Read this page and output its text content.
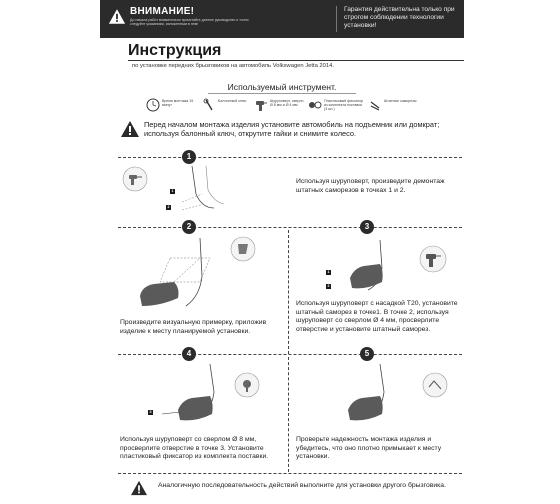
ВНИМАНИЕ!
До начала работ внимательно прочитайте данное руководство и точно следуйте указаниям, изложенным в нем!
Гарантия действительна только при строгом соблюдении технологии установки!
Инструкция
по установке передних брызговиков на автомобиль Volkswagen Jetta 2014.
Используемый инструмент.
Время монтажа 15 минут
Баллонный ключ	Шуруповерт, сверло Ø 8 мм и Ø 4 мм
Пластиковый фиксатор из комплекта поставки (3 шт.)
Штатные саморезы
Перед началом монтажа изделия установите автомобиль на подъемник или домкрат; используя балонный ключ, открутите гайки и снимите колесо.
1
1
2
Используя шуруповерт, произведите демонтаж штатных саморезов в точках 1 и 2.
2
Произведите визуальную примерку, приложив изделие к месту планируемой установки.
3
1
2
Используя шуруповерт с насадкой Т20, установите штатный саморез в точке1. В точке 2, используя шуруповерт со сверлом Ø 4 мм, просверлите отверстие и установите штатный саморез.
4
3
Используя шуруповерт со сверлом Ø 8 мм, просверлите отверстие в точке 3. Установите пластиковый фиксатор из комплекта поставки.
5
Проверьте надежность монтажа изделия и убедитесь, что оно плотно примыкает к месту установки.
Аналогичную последовательность действий выполните для установки другого брызговика.
